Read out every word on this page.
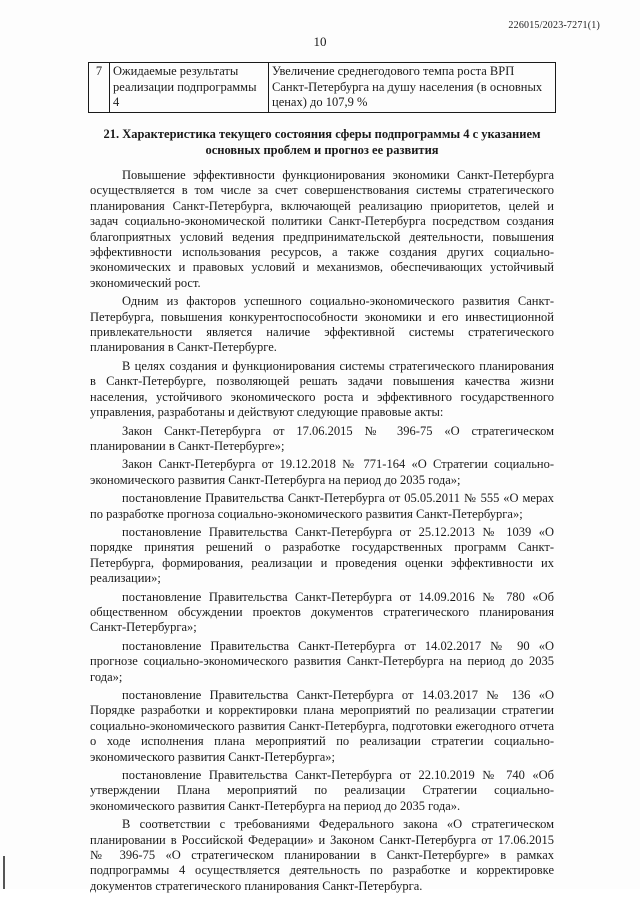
226015/2023-7271(1)
10
7	Ожидаемые результаты реализации подпрограммы 4	Увеличение среднегодового темпа роста ВРП Санкт-Петербурга на душу населения (в основных ценах) до 107,9 %
21. Характеристика текущего состояния сферы подпрограммы 4 с указанием основных проблем и прогноз ее развития

Повышение эффективности функционирования экономики Санкт-Петербурга осуществляется в том числе за счет совершенствования системы стратегического планирования Санкт-Петербурга, включающей реализацию приоритетов, целей и задач социально-экономической политики Санкт-Петербурга посредством создания благоприятных условий ведения предпринимательской деятельности, повышения эффективности использования ресурсов, а также создания других социально-экономических и правовых условий и механизмов, обеспечивающих устойчивый экономический рост.

Одним из факторов успешного социально-экономического развития Санкт-Петербурга, повышения конкурентоспособности экономики и его инвестиционной привлекательности является наличие эффективной системы стратегического планирования в Санкт-Петербурге.

В целях создания и функционирования системы стратегического планирования в Санкт-Петербурге, позволяющей решать задачи повышения качества жизни населения, устойчивого экономического роста и эффективного государственного управления, разработаны и действуют следующие правовые акты:

Закон Санкт-Петербурга от 17.06.2015 № 396-75 «О стратегическом планировании в Санкт-Петербурге»;

Закон Санкт-Петербурга от 19.12.2018 № 771-164 «О Стратегии социально-экономического развития Санкт-Петербурга на период до 2035 года»;

постановление Правительства Санкт-Петербурга от 05.05.2011 № 555 «О мерах по разработке прогноза социально-экономического развития Санкт-Петербурга»;

постановление Правительства Санкт-Петербурга от 25.12.2013 № 1039 «О порядке принятия решений о разработке государственных программ Санкт-Петербурга, формирования, реализации и проведения оценки эффективности их реализации»;

постановление Правительства Санкт-Петербурга от 14.09.2016 № 780 «Об общественном обсуждении проектов документов стратегического планирования Санкт-Петербурга»;

постановление Правительства Санкт-Петербурга от 14.02.2017 № 90 «О прогнозе социально-экономического развития Санкт-Петербурга на период до 2035 года»;

постановление Правительства Санкт-Петербурга от 14.03.2017 № 136 «О Порядке разработки и корректировки плана мероприятий по реализации стратегии социально-экономического развития Санкт-Петербурга, подготовки ежегодного отчета о ходе исполнения плана мероприятий по реализации стратегии социально-экономического развития Санкт-Петербурга»;

постановление Правительства Санкт-Петербурга от 22.10.2019 № 740 «Об утверждении Плана мероприятий по реализации Стратегии социально-экономического развития Санкт-Петербурга на период до 2035 года».

В соответствии с требованиями Федерального закона «О стратегическом планировании в Российской Федерации» и Законом Санкт-Петербурга от 17.06.2015 № 396-75 «О стратегическом планировании в Санкт-Петербурге» в рамках подпрограммы 4 осуществляется деятельность по разработке и корректировке документов стратегического планирования Санкт-Петербурга.
